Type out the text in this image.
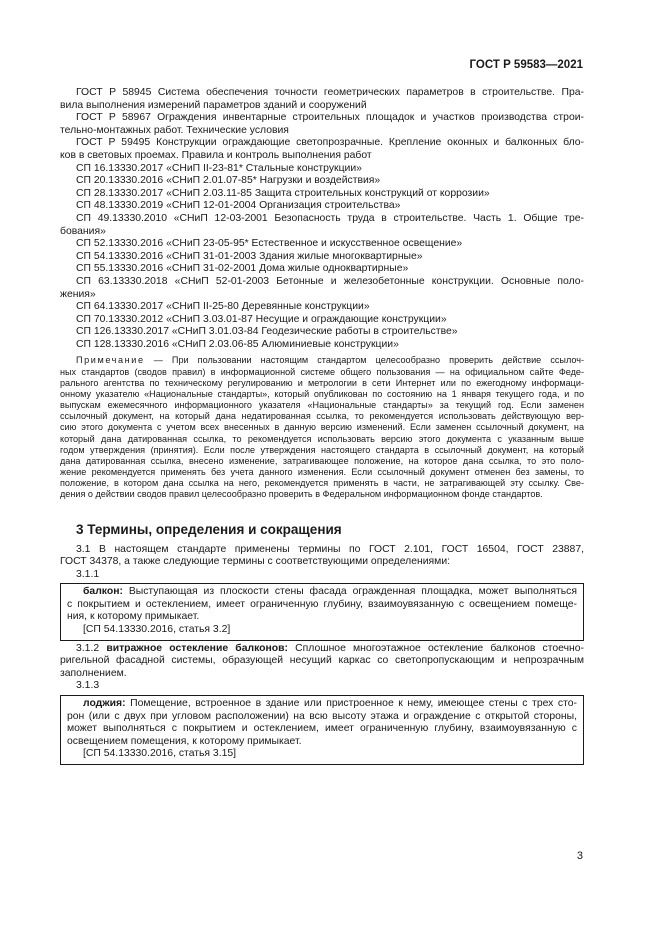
ГОСТ Р 59583—2021
ГОСТ Р 58945 Система обеспечения точности геометрических параметров в строительстве. Пра-
вила выполнения измерений параметров зданий и сооружений
ГОСТ Р 58967 Ограждения инвентарные строительных площадок и участков производства строи-
тельно-монтажных работ. Технические условия
ГОСТ Р 59495 Конструкции ограждающие светопрозрачные. Крепление оконных и балконных бло-
ков в световых проемах. Правила и контроль выполнения работ
СП 16.13330.2017 «СНиП II-23-81* Стальные конструкции»
СП 20.13330.2016 «СНиП 2.01.07-85* Нагрузки и воздействия»
СП 28.13330.2017 «СНиП 2.03.11-85 Защита строительных конструкций от коррозии»
СП 48.13330.2019 «СНиП 12-01-2004 Организация строительства»
СП 49.13330.2010 «СНиП 12-03-2001 Безопасность труда в строительстве. Часть 1. Общие тре-
бования»
СП 52.13330.2016 «СНиП 23-05-95* Естественное и искусственное освещение»
СП 54.13330.2016 «СНиП 31-01-2003 Здания жилые многоквартирные»
СП 55.13330.2016 «СНиП 31-02-2001 Дома жилые одноквартирные»
СП 63.13330.2018 «СНиП 52-01-2003 Бетонные и железобетонные конструкции. Основные поло-
жения»
СП 64.13330.2017 «СНиП II-25-80 Деревянные конструкции»
СП 70.13330.2012 «СНиП 3.03.01-87 Несущие и ограждающие конструкции»
СП 126.13330.2017 «СНиП 3.01.03-84 Геодезические работы в строительстве»
СП 128.13330.2016 «СНиП 2.03.06-85 Алюминиевые конструкции»
Примечание — При пользовании настоящим стандартом целесообразно проверить действие ссылоч-
ных стандартов (сводов правил) в информационной системе общего пользования — на официальном сайте Феде-
рального агентства по техническому регулированию и метрологии в сети Интернет или по ежегодному информаци-
онному указателю «Национальные стандарты», который опубликован по состоянию на 1 января текущего года, и по
выпускам ежемесячного информационного указателя «Национальные стандарты» за текущий год. Если заменен
ссылочный документ, на который дана недатированная ссылка, то рекомендуется использовать действующую вер-
сию этого документа с учетом всех внесенных в данную версию изменений. Если заменен ссылочный документ, на
который дана датированная ссылка, то рекомендуется использовать версию этого документа с указанным выше
годом утверждения (принятия). Если после утверждения настоящего стандарта в ссылочный документ, на который
дана датированная ссылка, внесено изменение, затрагивающее положение, на которое дана ссылка, то это поло-
жение рекомендуется применять без учета данного изменения. Если ссылочный документ отменен без замены, то
положение, в котором дана ссылка на него, рекомендуется применять в части, не затрагивающей эту ссылку. Све-
дения о действии сводов правил целесообразно проверить в Федеральном информационном фонде стандартов.
3 Термины, определения и сокращения
3.1 В настоящем стандарте применены термины по ГОСТ 2.101, ГОСТ 16504, ГОСТ 23887,
ГОСТ 34378, а также следующие термины с соответствующими определениями:
3.1.1
балкон: Выступающая из плоскости стены фасада огражденная площадка, может выполняться
с покрытием и остеклением, имеет ограниченную глубину, взаимоувязанную с освещением помеще-
ния, к которому примыкает.
[СП 54.13330.2016, статья 3.2]
3.1.2 витражное остекление балконов: Сплошное многоэтажное остекление балконов стоечно-
ригельной фасадной системы, образующей несущий каркас со светопропускающим и непрозрачным
заполнением.
3.1.3
лоджия: Помещение, встроенное в здание или пристроенное к нему, имеющее стены с трех сто-
рон (или с двух при угловом расположении) на всю высоту этажа и ограждение с открытой стороны,
может выполняться с покрытием и остеклением, имеет ограниченную глубину, взаимоувязанную с
освещением помещения, к которому примыкает.
[СП 54.13330.2016, статья 3.15]
3
